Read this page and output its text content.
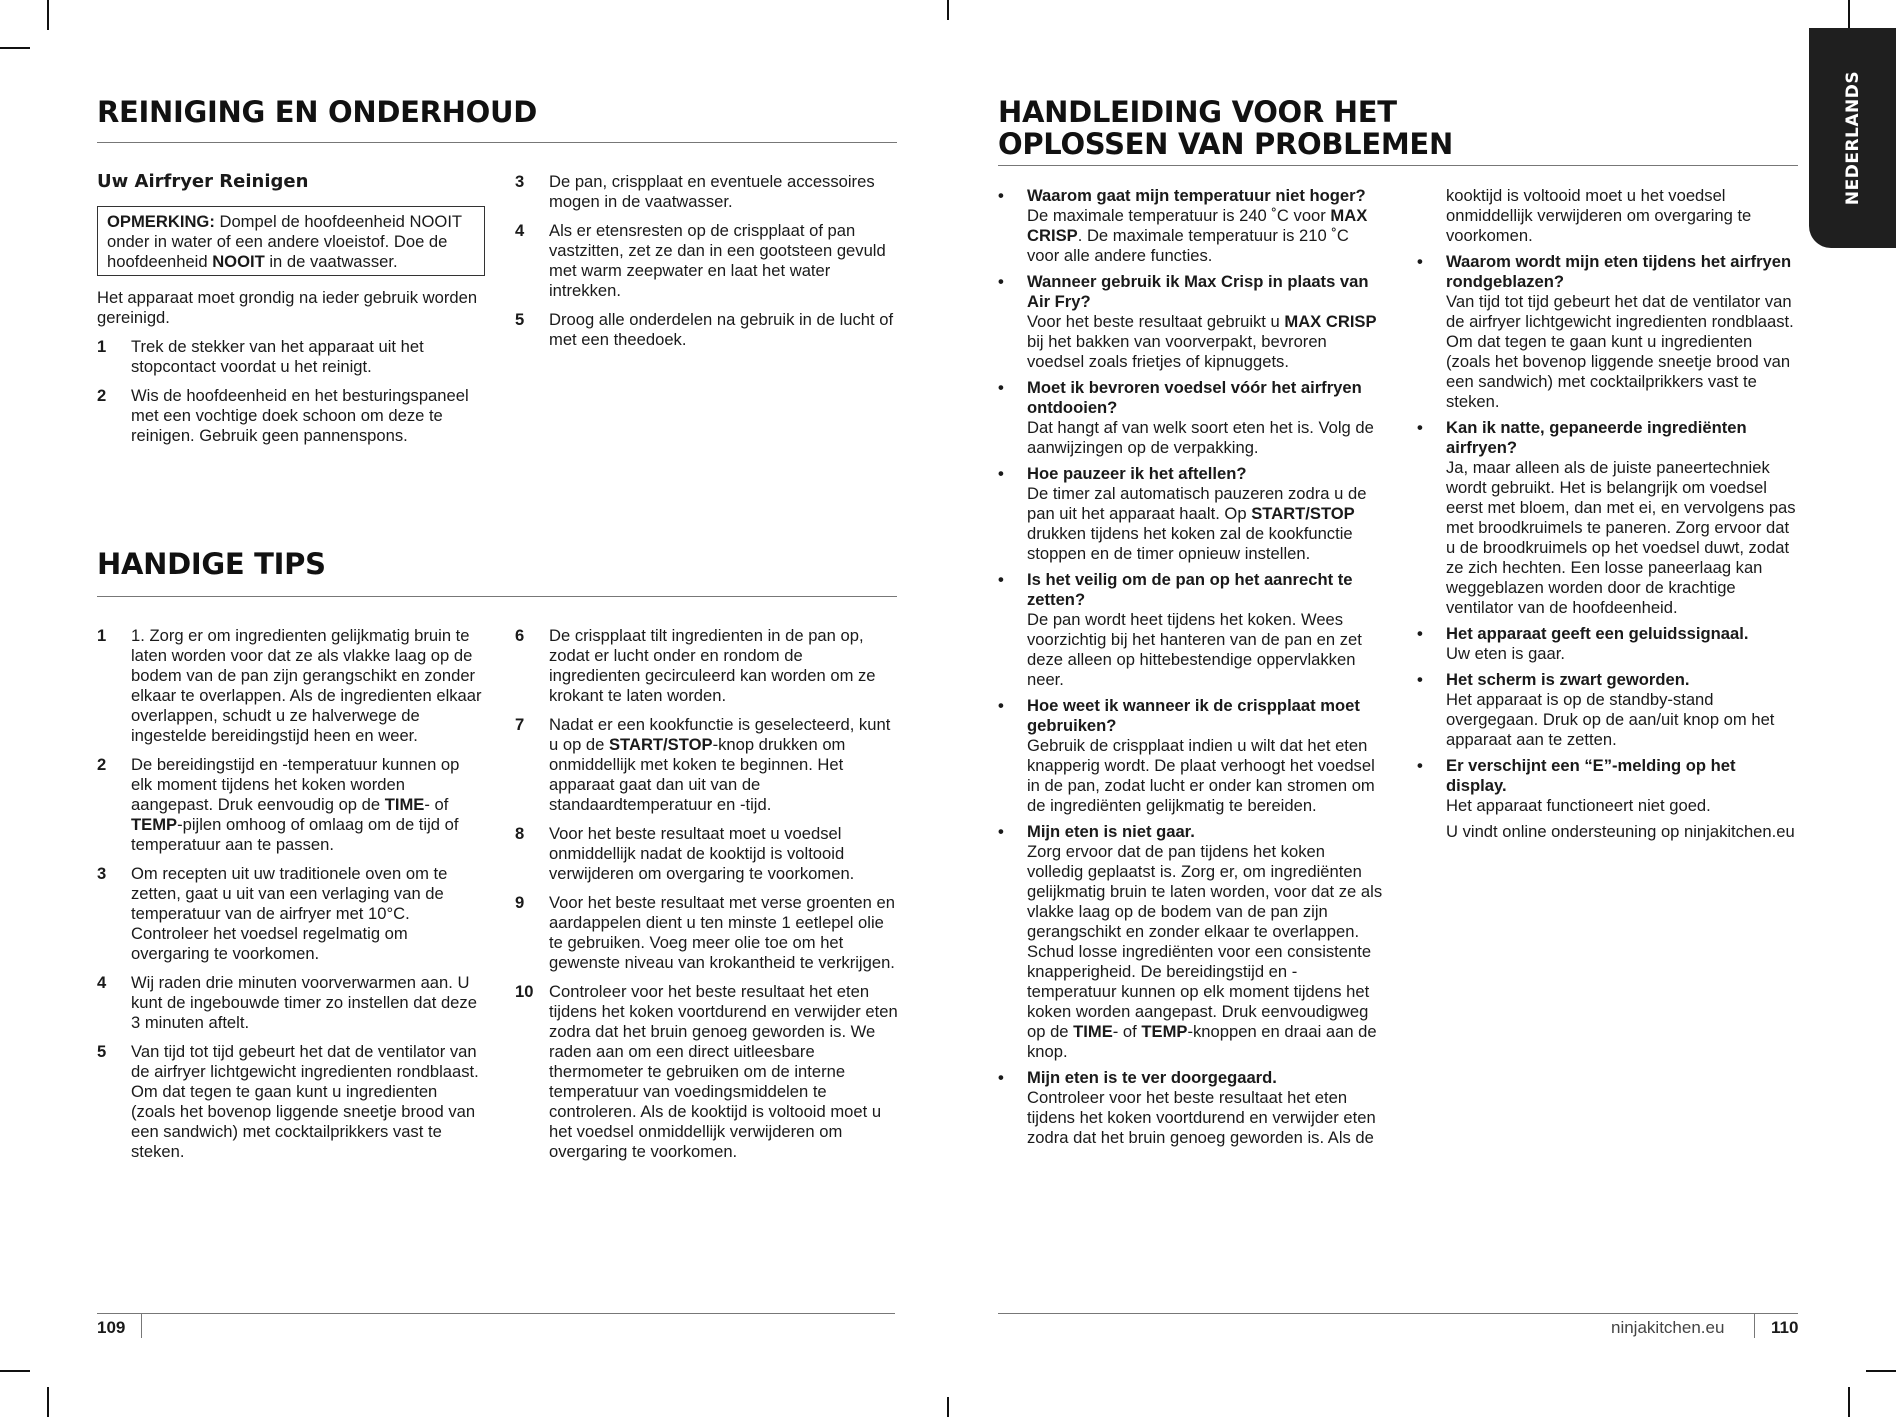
REINIGING EN ONDERHOUD
Uw Airfryer Reinigen
OPMERKING: Dompel de hoofdeenheid NOOIT onder in water of een andere vloeistof. Doe de hoofdeenheid NOOIT in de vaatwasser.

Het apparaat moet grondig na ieder gebruik worden gereinigd.

1	Trek de stekker van het apparaat uit het stopcontact voordat u het reinigt.
2	Wis de hoofdeenheid en het besturingspaneel met een vochtige doek schoon om deze te reinigen. Gebruik geen pannenspons.
3	De pan, crispplaat en eventuele accessoires mogen in de vaatwasser.
4	Als er etensresten op de crispplaat of pan vastzitten, zet ze dan in een gootsteen gevuld met warm zeepwater en laat het water intrekken.
5	Droog alle onderdelen na gebruik in de lucht of met een theedoek.
HANDIGE TIPS
1	1. Zorg er om ingredienten gelijkmatig bruin te laten worden voor dat ze als vlakke laag op de bodem van de pan zijn gerangschikt en zonder elkaar te overlappen. Als de ingredienten elkaar overlappen, schudt u ze halverwege de ingestelde bereidingstijd heen en weer.
2	De bereidingstijd en -temperatuur kunnen op elk moment tijdens het koken worden aangepast. Druk eenvoudig op de TIME- of TEMP-pijlen omhoog of omlaag om de tijd of temperatuur aan te passen.
3	Om recepten uit uw traditionele oven om te zetten, gaat u uit van een verlaging van de temperatuur van de airfryer met 10°C. Controleer het voedsel regelmatig om overgaring te voorkomen.
4	Wij raden drie minuten voorverwarmen aan. U kunt de ingebouwde timer zo instellen dat deze 3 minuten aftelt.
5	Van tijd tot tijd gebeurt het dat de ventilator van de airfryer lichtgewicht ingredienten rondblaast. Om dat tegen te gaan kunt u ingredienten (zoals het bovenop liggende sneetje brood van een sandwich) met cocktailprikkers vast te steken.
6	De crispplaat tilt ingredienten in de pan op, zodat er lucht onder en rondom de ingredienten gecirculeerd kan worden om ze krokant te laten worden.
7	Nadat er een kookfunctie is geselecteerd, kunt u op de START/STOP-knop drukken om onmiddellijk met koken te beginnen. Het apparaat gaat dan uit van de standaardtemperatuur en -tijd.
8	Voor het beste resultaat moet u voedsel onmiddellijk nadat de kooktijd is voltooid verwijderen om overgaring te voorkomen.
9	Voor het beste resultaat met verse groenten en aardappelen dient u ten minste 1 eetlepel olie te gebruiken. Voeg meer olie toe om het gewenste niveau van krokantheid te verkrijgen.
10 Controleer voor het beste resultaat het eten tijdens het koken voortdurend en verwijder eten zodra dat het bruin genoeg geworden is. We raden aan om een direct uitleesbare thermometer te gebruiken om de interne temperatuur van voedingsmiddelen te controleren. Als de kooktijd is voltooid moet u het voedsel onmiddellijk verwijderen om overgaring te voorkomen.
109
NEDERLANDS
HANDLEIDING VOOR HET
OPLOSSEN VAN PROBLEMEN
•	Waarom gaat mijn temperatuur niet hoger?
De maximale temperatuur is 240 ˚C voor MAX CRISP. De maximale temperatuur is 210 ˚C voor alle andere functies.
•	Wanneer gebruik ik Max Crisp in plaats van Air Fry?
Voor het beste resultaat gebruikt u MAX CRISP bij het bakken van voorverpakt, bevroren voedsel zoals frietjes of kipnuggets.
•	Moet ik bevroren voedsel vóór het airfryen ontdooien?
Dat hangt af van welk soort eten het is. Volg de aanwijzingen op de verpakking.
•	Hoe pauzeer ik het aftellen?
De timer zal automatisch pauzeren zodra u de pan uit het apparaat haalt. Op START/STOP drukken tijdens het koken zal de kookfunctie stoppen en de timer opnieuw instellen.
•	Is het veilig om de pan op het aanrecht te zetten?
De pan wordt heet tijdens het koken. Wees voorzichtig bij het hanteren van de pan en zet deze alleen op hittebestendige oppervlakken neer.
•	Hoe weet ik wanneer ik de crispplaat moet gebruiken?
Gebruik de crispplaat indien u wilt dat het eten knapperig wordt. De plaat verhoogt het voedsel in de pan, zodat lucht er onder kan stromen om de ingrediënten gelijkmatig te bereiden.
•	Mijn eten is niet gaar.
Zorg ervoor dat de pan tijdens het koken volledig geplaatst is. Zorg er, om ingrediënten gelijkmatig bruin te laten worden, voor dat ze als vlakke laag op de bodem van de pan zijn gerangschikt en zonder elkaar te overlappen. Schud losse ingrediënten voor een consistente knapperigheid. De bereidingstijd en -temperatuur kunnen op elk moment tijdens het koken worden aangepast. Druk eenvoudigweg op de TIME- of TEMP-knoppen en draai aan de knop.
•	Mijn eten is te ver doorgegaard.
Controleer voor het beste resultaat het eten tijdens het koken voortdurend en verwijder eten zodra dat het bruin genoeg geworden is. Als de
kooktijd is voltooid moet u het voedsel onmiddellijk verwijderen om overgaring te voorkomen.
•	Waarom wordt mijn eten tijdens het airfryen rondgeblazen?
Van tijd tot tijd gebeurt het dat de ventilator van de airfryer lichtgewicht ingredienten rondblaast. Om dat tegen te gaan kunt u ingredienten (zoals het bovenop liggende sneetje brood van een sandwich) met cocktailprikkers vast te steken.
•	Kan ik natte, gepaneerde ingrediënten airfryen?
Ja, maar alleen als de juiste paneertechniek wordt gebruikt. Het is belangrijk om voedsel eerst met bloem, dan met ei, en vervolgens pas met broodkruimels te paneren. Zorg ervoor dat u de broodkruimels op het voedsel duwt, zodat ze zich hechten. Een losse paneerlaag kan weggeblazen worden door de krachtige ventilator van de hoofdeenheid.
•	Het apparaat geeft een geluidssignaal.
Uw eten is gaar.
•	Het scherm is zwart geworden.
Het apparaat is op de standby-stand overgegaan. Druk op de aan/uit knop om het apparaat aan te zetten.
•	Er verschijnt een “E”-melding op het display.
Het apparaat functioneert niet goed.
U vindt online ondersteuning op ninjakitchen.eu
ninjakitchen.eu	110
